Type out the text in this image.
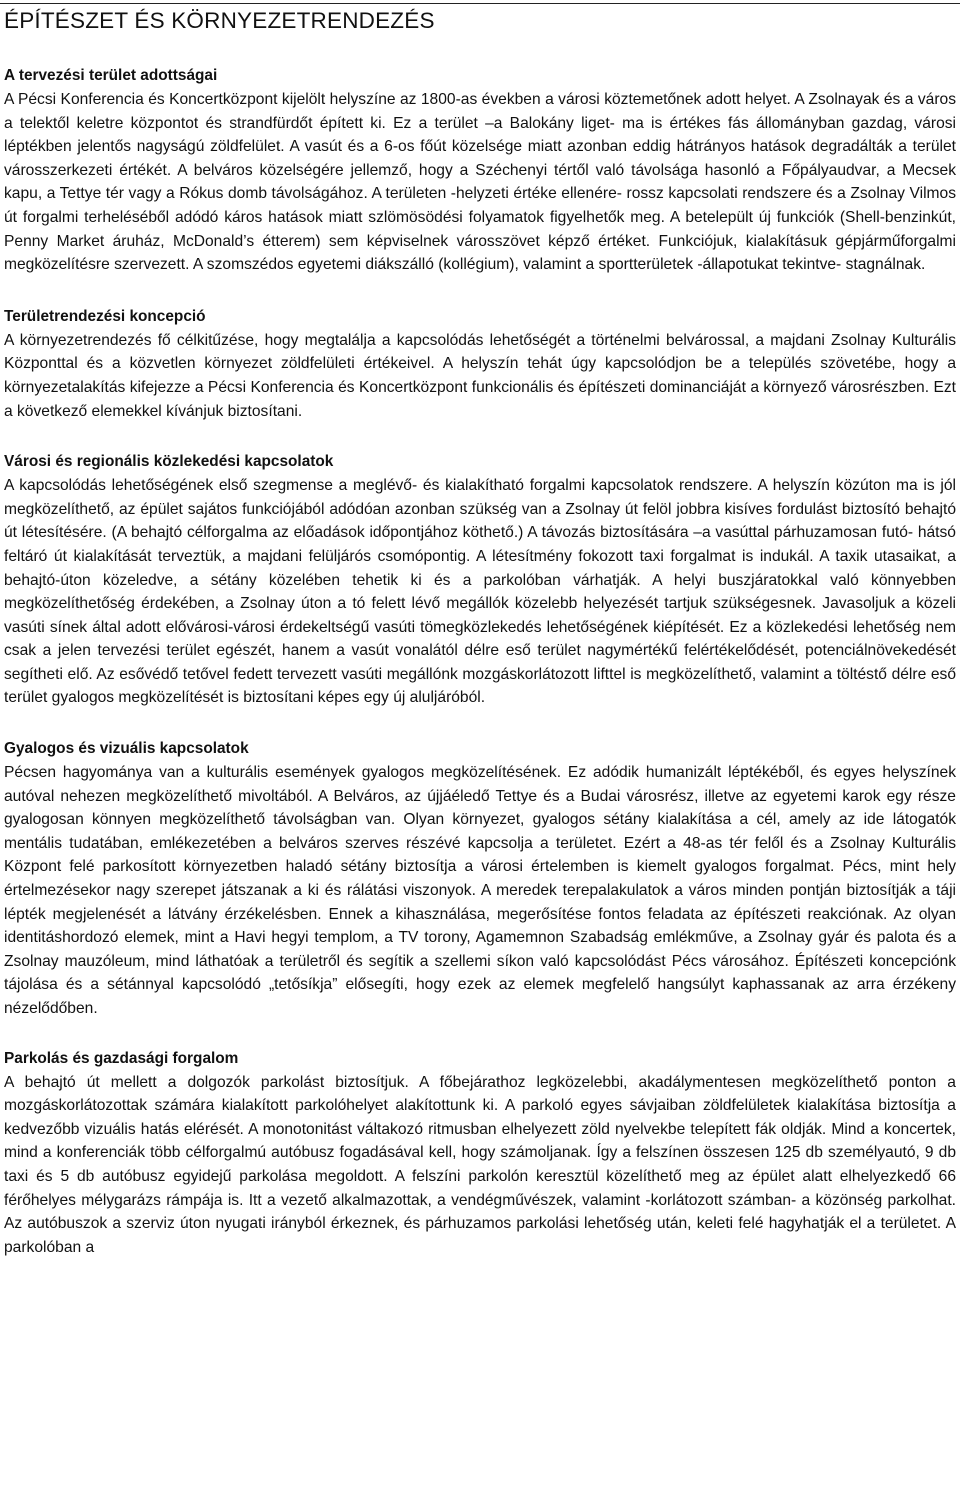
ÉPÍTÉSZET ÉS KÖRNYEZETRENDEZÉS
A tervezési terület adottságai

A Pécsi Konferencia és Koncertközpont kijelölt helyszíne az 1800-as években a városi köztemetőnek adott helyet. A Zsolnayak és a város a telektől keletre központot és strandfürdőt épített ki. Ez a terület –a Balokány liget- ma is értékes fás állományban gazdag, városi léptékben jelentős nagyságú zöldfelület. A vasút és a 6-os főút közelsége miatt azonban eddig hátrányos hatások degradálták a terület városszerkezeti értékét. A belváros közelségére jellemző, hogy a Széchenyi tértől való távolsága hasonló a Főpályaudvar, a Mecsek kapu, a Tettye tér vagy a Rókus domb távolságához. A területen -helyzeti értéke ellenére- rossz kapcsolati rendszere és a Zsolnay Vilmos út forgalmi terheléséből adódó káros hatások miatt szlömösödési folyamatok figyelhetők meg. A betelepült új funkciók (Shell-benzinkút, Penny Market áruház, McDonald’s étterem) sem képviselnek városszövet képző értéket. Funkciójuk, kialakításuk gépjárműforgalmi megközelítésre szervezett. A szomszédos egyetemi diákszálló (kollégium), valamint a sportterületek -állapotukat tekintve- stagnálnak.

Területrendezési koncepció

A környezetrendezés fő célkitűzése, hogy megtalálja a kapcsolódás lehetőségét a történelmi belvárossal, a majdani Zsolnay Kulturális Központtal és a közvetlen környezet zöldfelületi értékeivel. A helyszín tehát úgy kapcsolódjon be a település szövetébe, hogy a környezetalakítás kifejezze a Pécsi Konferencia és Koncertközpont funkcionális és építészeti dominanciáját a környező városrészben. Ezt a következő elemekkel kívánjuk biztosítani.

Városi és regionális közlekedési kapcsolatok

A kapcsolódás lehetőségének első szegmense a meglévő- és kialakítható forgalmi kapcsolatok rendszere. A helyszín közúton ma is jól megközelíthető, az épület sajátos funkciójából adódóan azonban szükség van a Zsolnay út felöl jobbra kisíves fordulást biztosító behajtó út létesítésére. (A behajtó célforgalma az előadások időpontjához köthető.) A távozás biztosítására –a vasúttal párhuzamosan futó- hátsó feltáró út kialakítását terveztük, a majdani felüljárós csomópontig. A létesítmény fokozott taxi forgalmat is indukál. A taxik utasaikat, a behajtó-úton közeledve, a sétány közelében tehetik ki és a parkolóban várhatják. A helyi buszjáratokkal való könnyebben megközelíthetőség érdekében, a Zsolnay úton a tó felett lévő megállók közelebb helyezését tartjuk szükségesnek. Javasoljuk a közeli vasúti sínek által adott elővárosi-városi érdekeltségű vasúti tömegközlekedés lehetőségének kiépítését. Ez a közlekedési lehetőség nem csak a jelen tervezési terület egészét, hanem a vasút vonalától délre eső terület nagymértékű felértékelődését, potenciálnövekedését segítheti elő. Az esővédő tetővel fedett tervezett vasúti megállónk mozgáskorlátozott lifttel is megközelíthető, valamint a töltéstő délre eső terület gyalogos megközelítését is biztosítani képes egy új aluljáróból.

Gyalogos és vizuális kapcsolatok

Pécsen hagyománya van a kulturális események gyalogos megközelítésének. Ez adódik humanizált léptékéből, és egyes helyszínek autóval nehezen megközelíthető mivoltából. A Belváros, az újjáéledő Tettye és a Budai városrész, illetve az egyetemi karok egy része gyalogosan könnyen megközelíthető távolságban van. Olyan környezet, gyalogos sétány kialakítása a cél, amely az ide látogatók mentális tudatában, emlékezetében a belváros szerves részévé kapcsolja a területet. Ezért a 48-as tér felől és a Zsolnay Kulturális Központ felé parkosított környezetben haladó sétány biztosítja a városi értelemben is kiemelt gyalogos forgalmat. Pécs, mint hely értelmezésekor nagy szerepet játszanak a ki és rálátási viszonyok. A meredek terepalakulatok a város minden pontján biztosítják a táji lépték megjelenését a látvány érzékelésben. Ennek a kihasználása, megerősítése fontos feladata az építészeti reakciónak. Az olyan identitáshordozó elemek, mint a Havi hegyi templom, a TV torony, Agamemnon Szabadság emlékműve, a Zsolnay gyár és palota és a Zsolnay mauzóleum, mind láthatóak a területről és segítik a szellemi síkon való kapcsolódást Pécs városához. Építészeti koncepciónk tájolása és a sétánnyal kapcsolódó „tetősíkja” elősegíti, hogy ezek az elemek megfelelő hangsúlyt kaphassanak az arra érzékeny nézelődőben.

Parkolás és gazdasági forgalom

A behajtó út mellett a dolgozók parkolást biztosítjuk. A főbejárathoz legközelebbi, akadálymentesen megközelíthető ponton a mozgáskorlátozottak számára kialakított parkolóhelyet alakítottunk ki. A parkoló egyes sávjaiban zöldfelületek kialakítása biztosítja a kedvezőbb vizuális hatás elérését. A monotonitást váltakozó ritmusban elhelyezett zöld nyelvekbe telepített fák oldják. Mind a koncertek, mind a konferenciák több célforgalmú autóbusz fogadásával kell, hogy számoljanak. Így a felszínen összesen 125 db személyautó, 9 db taxi és 5 db autóbusz egyidejű parkolása megoldott. A felszíni parkolón keresztül közelíthető meg az épület alatt elhelyezkedő 66 férőhelyes mélygarázs rámpája is. Itt a vezető alkalmazottak, a vendégművészek, valamint -korlátozott számban- a közönség parkolhat. Az autóbuszok a szerviz úton nyugati irányból érkeznek, és párhuzamos parkolási lehetőség után, keleti felé hagyhatják el a területet. A parkolóban a
